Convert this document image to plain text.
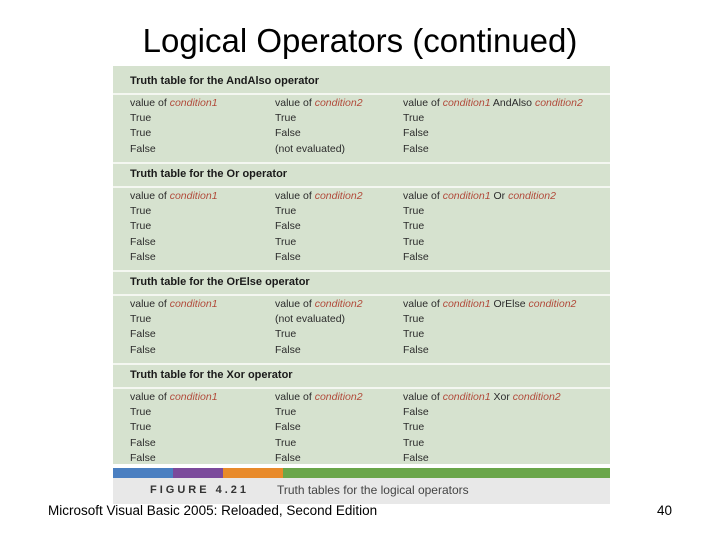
Logical Operators (continued)
Truth table for the AndAlso operator
value of condition1	value of condition2	value of condition1 AndAlso condition2
True	True	True
True	False	False
False	(not evaluated)	False
Truth table for the Or operator
value of condition1	value of condition2	value of condition1 Or condition2
True	True	True
True	False	True
False	True	True
False	False	False
Truth table for the OrElse operator
value of condition1	value of condition2	value of condition1 OrElse condition2
True	(not evaluated)	True
False	True	True
False	False	False
Truth table for the Xor operator
value of condition1	value of condition2	value of condition1 Xor condition2
True	True	False
True	False	True
False	True	True
False	False	False
FIGURE 4.21 Truth tables for the logical operators
Microsoft Visual Basic 2005: Reloaded, Second Edition	40
